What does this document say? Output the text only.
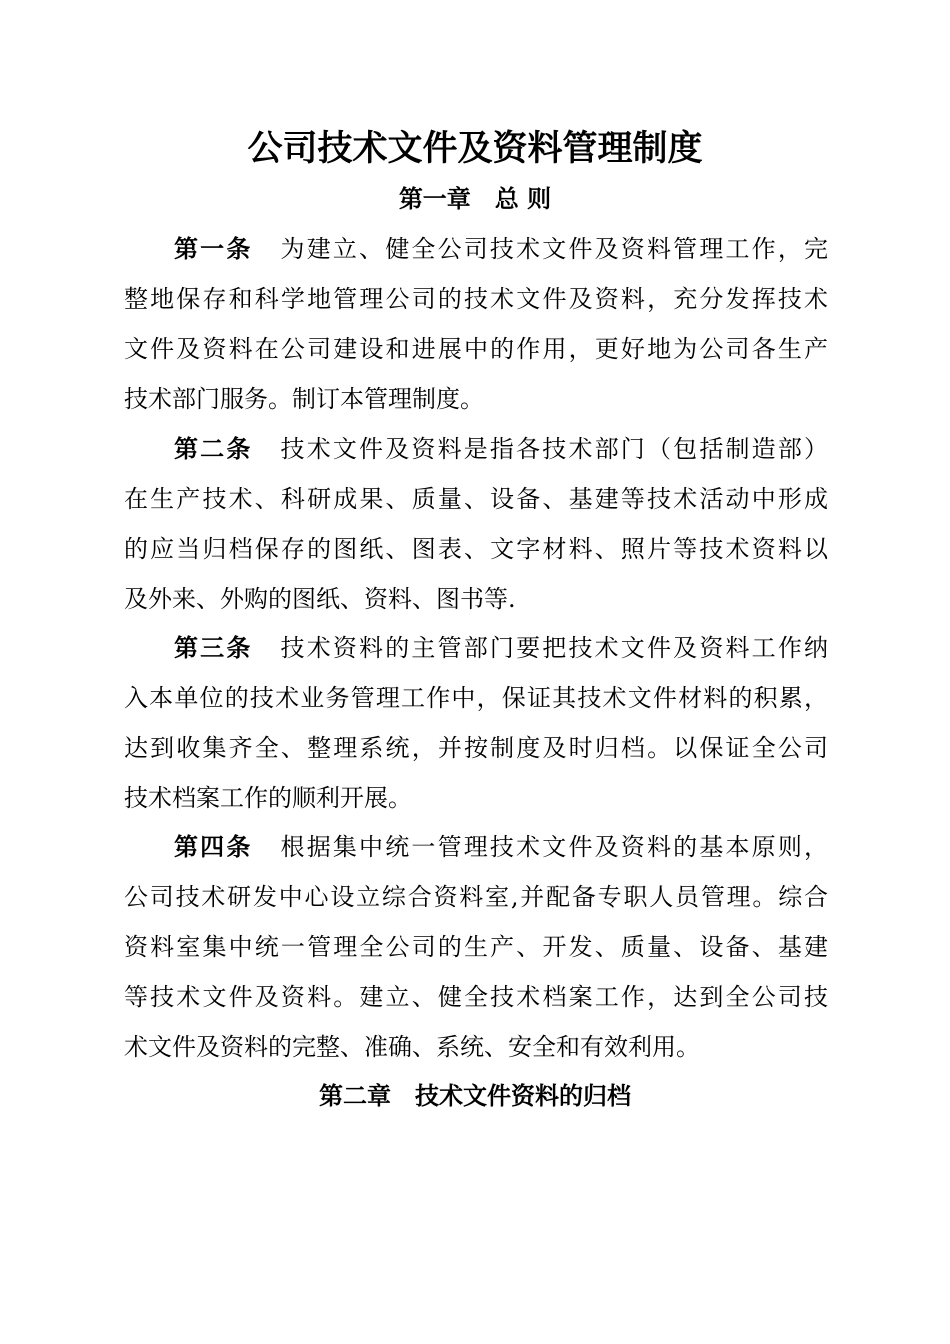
公司技术文件及资料管理制度
第一章　总 则
第一条 为建立、健全公司技术文件及资料管理工作，完
整地保存和科学地管理公司的技术文件及资料，充分发挥技术
文件及资料在公司建设和进展中的作用，更好地为公司各生产
技术部门服务。制订本管理制度。
第二条 技术文件及资料是指各技术部门（包括制造部）
在生产技术、科研成果、质量、设备、基建等技术活动中形成
的应当归档保存的图纸、图表、文字材料、照片等技术资料以
及外来、外购的图纸、资料、图书等.
第三条 技术资料的主管部门要把技术文件及资料工作纳
入本单位的技术业务管理工作中，保证其技术文件材料的积累，
达到收集齐全、整理系统，并按制度及时归档。以保证全公司
技术档案工作的顺利开展。
第四条 根据集中统一管理技术文件及资料的基本原则，
公司技术研发中心设立综合资料室,并配备专职人员管理。综合
资料室集中统一管理全公司的生产、开发、质量、设备、基建
等技术文件及资料。建立、健全技术档案工作，达到全公司技
术文件及资料的完整、准确、系统、安全和有效利用。
第二章　技术文件资料的归档
